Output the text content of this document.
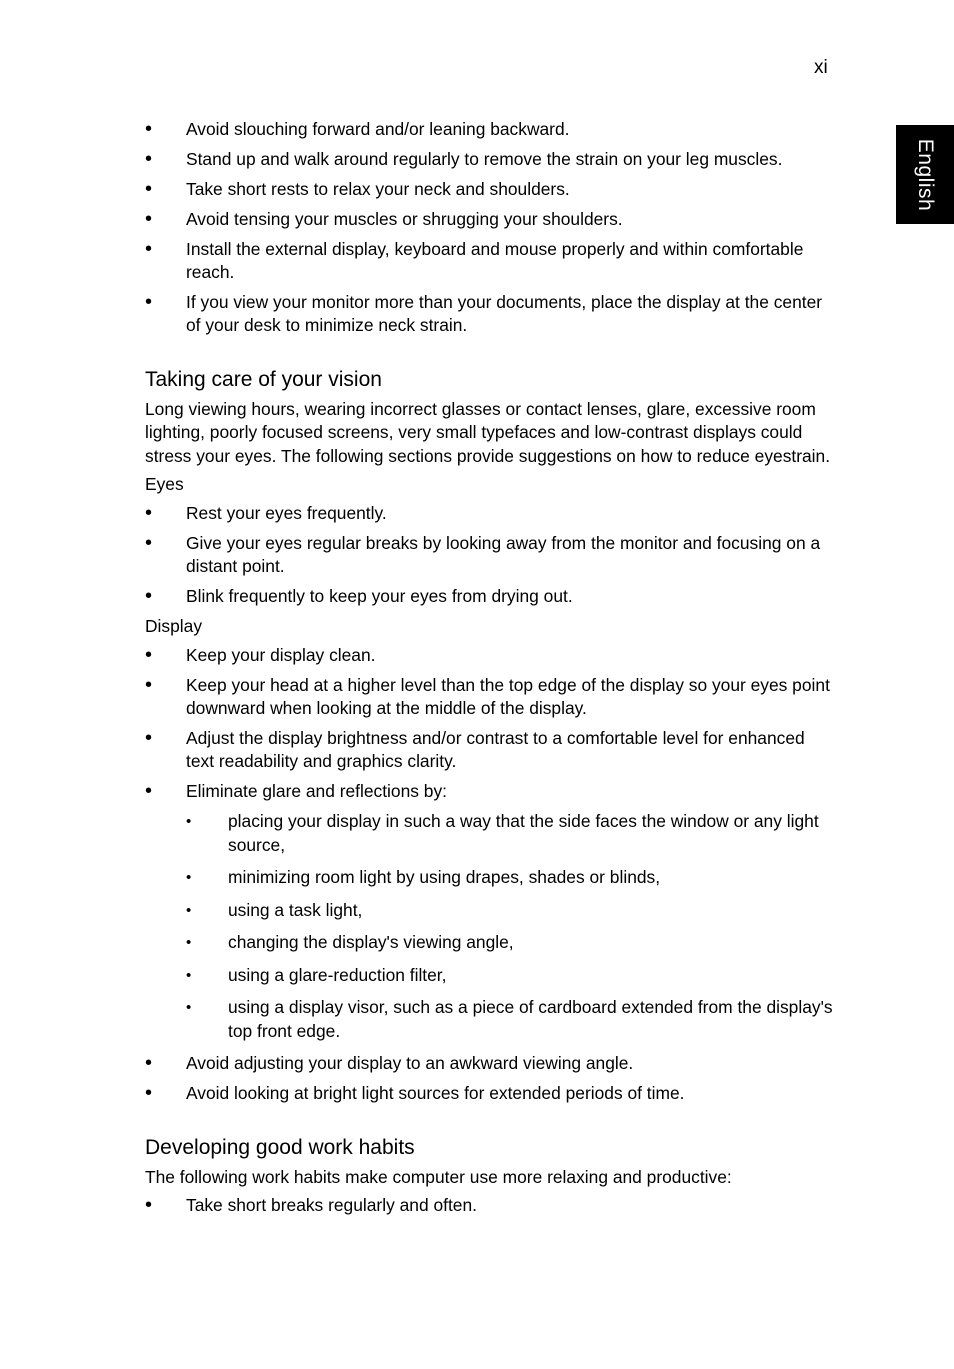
xi
English
• Avoid slouching forward and/or leaning backward.
• Stand up and walk around regularly to remove the strain on your leg muscles.
• Take short rests to relax your neck and shoulders.
• Avoid tensing your muscles or shrugging your shoulders.
• Install the external display, keyboard and mouse properly and within comfortable reach.
• If you view your monitor more than your documents, place the display at the center of your desk to minimize neck strain.
Taking care of your vision

Long viewing hours, wearing incorrect glasses or contact lenses, glare, excessive room lighting, poorly focused screens, very small typefaces and low-contrast displays could stress your eyes. The following sections provide suggestions on how to reduce eyestrain.

Eyes
• Rest your eyes frequently.
• Give your eyes regular breaks by looking away from the monitor and focusing on a distant point.
• Blink frequently to keep your eyes from drying out.
Display
• Keep your display clean.
• Keep your head at a higher level than the top edge of the display so your eyes point downward when looking at the middle of the display.
• Adjust the display brightness and/or contrast to a comfortable level for enhanced text readability and graphics clarity.
• Eliminate glare and reflections by:
• placing your display in such a way that the side faces the window or any light source,
• minimizing room light by using drapes, shades or blinds,
• using a task light,
• changing the display's viewing angle,
• using a glare-reduction filter,
• using a display visor, such as a piece of cardboard extended from the display's top front edge.
• Avoid adjusting your display to an awkward viewing angle.
• Avoid looking at bright light sources for extended periods of time.
Developing good work habits

The following work habits make computer use more relaxing and productive:

• Take short breaks regularly and often.
